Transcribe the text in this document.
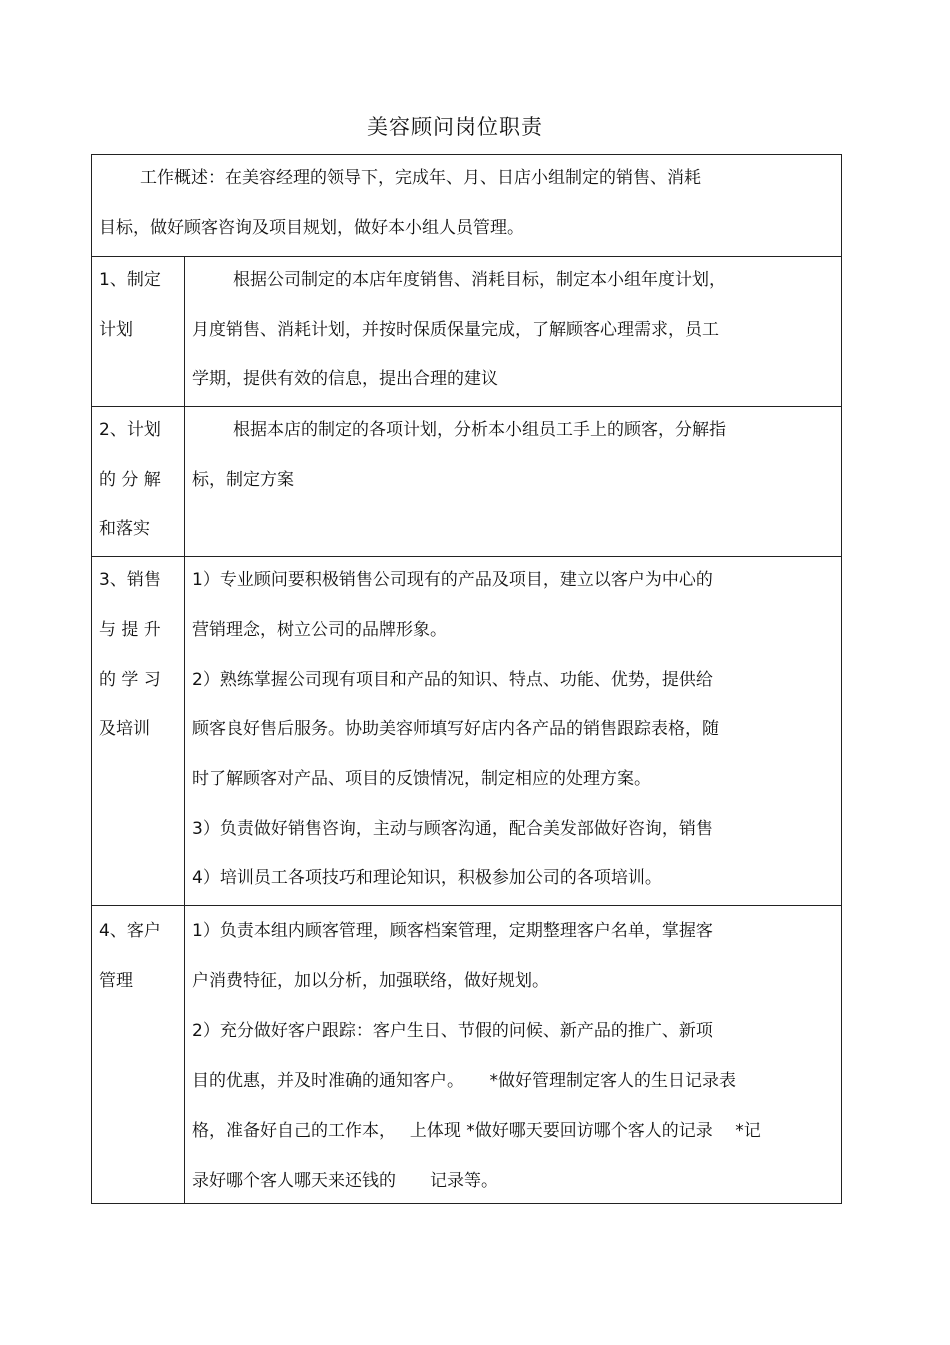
美容顾问岗位职责
工作概述：在美容经理的领导下，完成年、月、日店小组制定的销售、消耗
目标，做好顾客咨询及项目规划，做好本小组人员管理。
1、制定
计划
根据公司制定的本店年度销售、消耗目标，制定本小组年度计划，
月度销售、消耗计划，并按时保质保量完成，了解顾客心理需求，员工
学期，提供有效的信息，提出合理的建议
2、计划
的 分 解
和落实
根据本店的制定的各项计划，分析本小组员工手上的顾客，分解指
标，制定方案
3、销售
与 提 升
的 学 习
及培训
1）专业顾问要积极销售公司现有的产品及项目，建立以客户为中心的
营销理念，树立公司的品牌形象。
2）熟练掌握公司现有项目和产品的知识、特点、功能、优势，提供给
顾客良好售后服务。协助美容师填写好店内各产品的销售跟踪表格，随
时了解顾客对产品、项目的反馈情况，制定相应的处理方案。
3）负责做好销售咨询，主动与顾客沟通，配合美发部做好咨询，销售
4）培训员工各项技巧和理论知识，积极参加公司的各项培训。
4、客户
管理
1）负责本组内顾客管理，顾客档案管理，定期整理客户名单，掌握客
户消费特征，加以分析，加强联络，做好规划。
2）充分做好客户跟踪：客户生日、节假的问候、新产品的推广、新项
目的优惠，并及时准确的通知客户。　　*做好管理制定客人的生日记录表
格，准备好自己的工作本，　 上体现 *做好哪天要回访哪个客人的记录　 *记
录好哪个客人哪天来还钱的　　记录等。
